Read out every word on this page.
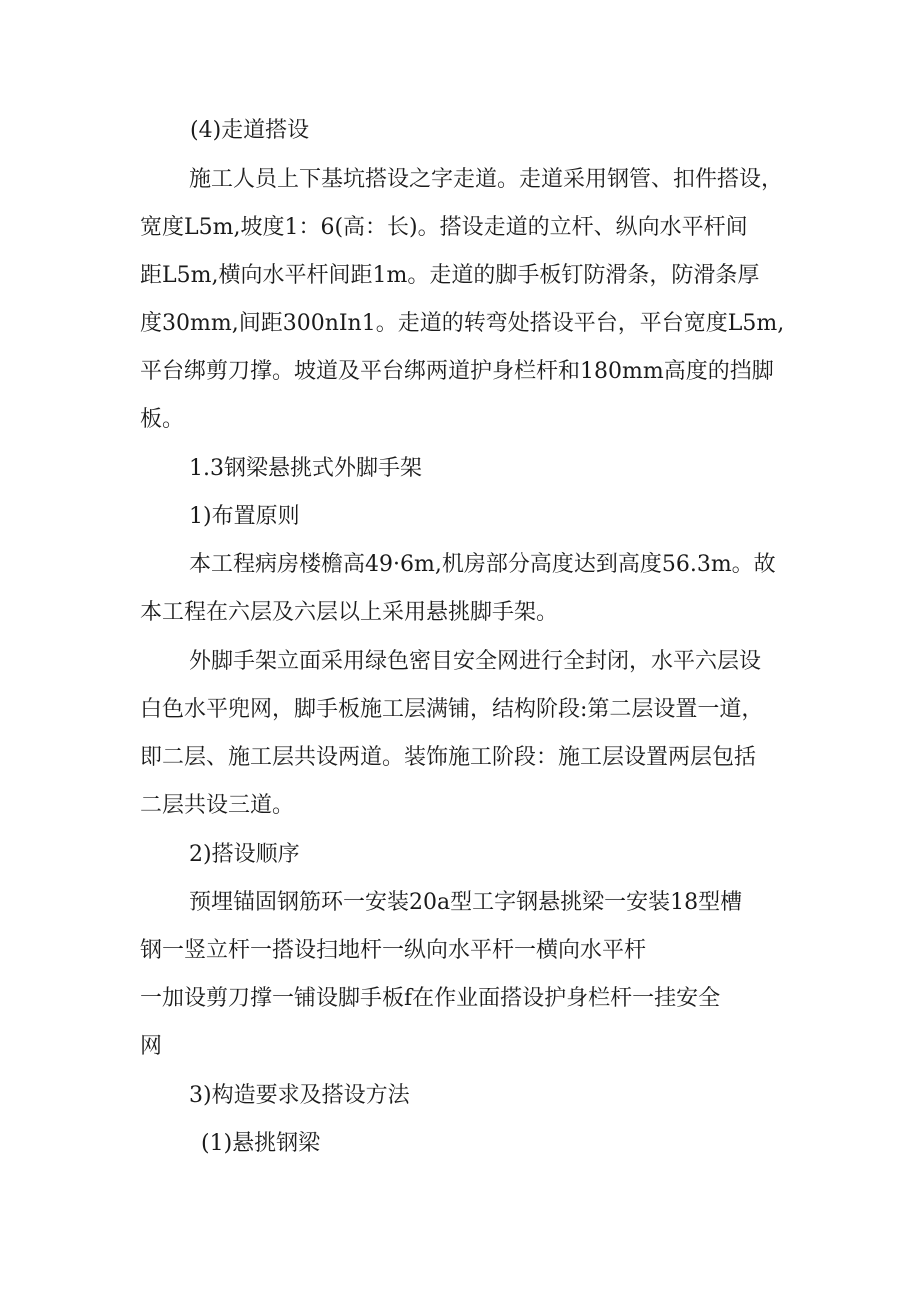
(4)走道搭设

施工人员上下基坑搭设之字走道。走道采用钢管、扣件搭设，

宽度L5m,坡度1：6(高：长)。搭设走道的立杆、纵向水平杆间

距L5m,横向水平杆间距1m。走道的脚手板钉防滑条，防滑条厚

度30mm,间距300nIn1。走道的转弯处搭设平台，平台宽度L5m,

平台绑剪刀撑。坡道及平台绑两道护身栏杆和180mm高度的挡脚

板。

1.3钢梁悬挑式外脚手架

1)布置原则

本工程病房楼檐高49·6m,机房部分高度达到高度56.3m。故

本工程在六层及六层以上采用悬挑脚手架。

外脚手架立面采用绿色密目安全网进行全封闭，水平六层设

白色水平兜网，脚手板施工层满铺，结构阶段:第二层设置一道，

即二层、施工层共设两道。装饰施工阶段：施工层设置两层包括

二层共设三道。

2)搭设顺序

预埋锚固钢筋环一安装20a型工字钢悬挑梁一安装18型槽

钢一竖立杆一搭设扫地杆一纵向水平杆一横向水平杆

一加设剪刀撑一铺设脚手板f在作业面搭设护身栏杆一挂安全

网

3)构造要求及搭设方法

(1)悬挑钢梁
